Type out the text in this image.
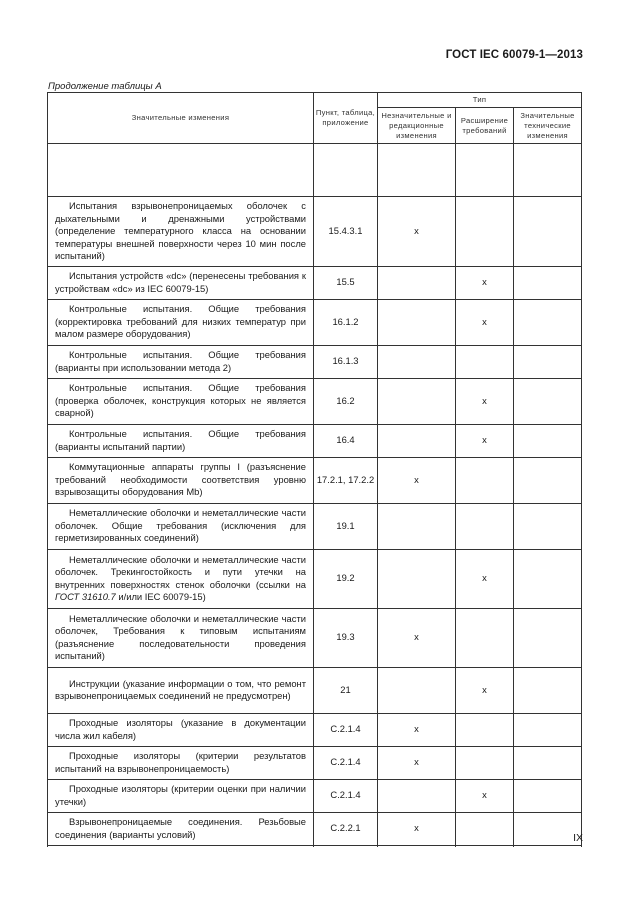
ГОСТ IEC 60079-1—2013
Продолжение таблицы А
Значительные изменения	Пункт, таблица, приложение	Тип		
		Незначительные и редакционные изменения	Расширение требований	Значительные технические изменения

Испытания взрывонепроницаемых оболочек с дыхательными и дренажными устройствами (определение температурного класса на основании температуры внешней поверхности через 10 мин после испытаний)	15.4.3.1	x		
Испытания устройств «dc» (перенесены требования к устройствам «dc» из IEC 60079-15)	15.5		x	
Контрольные испытания. Общие требования (корректировка требований для низких температур при малом размере оборудования)	16.1.2		x	
Контрольные испытания. Общие требования (варианты при использовании метода 2)	16.1.3			
Контрольные испытания. Общие требования (проверка оболочек, конструкция которых не является сварной)	16.2		x	
Контрольные испытания. Общие требования (варианты испытаний партии)	16.4		x	
Коммутационные аппараты группы I (разъяснение требований необходимости соответствия уровню взрывозащиты оборудования Mb)	17.2.1, 17.2.2	x		
Неметаллические оболочки и неметаллические части оболочек. Общие требования (исключения для герметизированных соединений)	19.1			
Неметаллические оболочки и неметаллические части оболочек. Трекингостойкость и пути утечки на внутренних поверхностях стенок оболочки (ссылки на ГОСТ 31610.7 и/или IEC 60079-15)	19.2		x	
Неметаллические оболочки и неметаллические части оболочек, Требования к типовым испытаниям (разъяснение последовательности проведения испытаний)	19.3	x		
Инструкции (указание информации о том, что ремонт взрывонепроницаемых соединений не предусмотрен)	21		x	
Проходные изоляторы (указание в документации числа жил кабеля)	C.2.1.4	x		
Проходные изоляторы (критерии результатов испытаний на взрывонепроницаемость)	C.2.1.4	x		
Проходные изоляторы (критерии оценки при наличии утечки)	C.2.1.4		x	
Взрывонепроницаемые соединения. Резьбовые соединения (варианты условий)	C.2.2.1	x		

IX
